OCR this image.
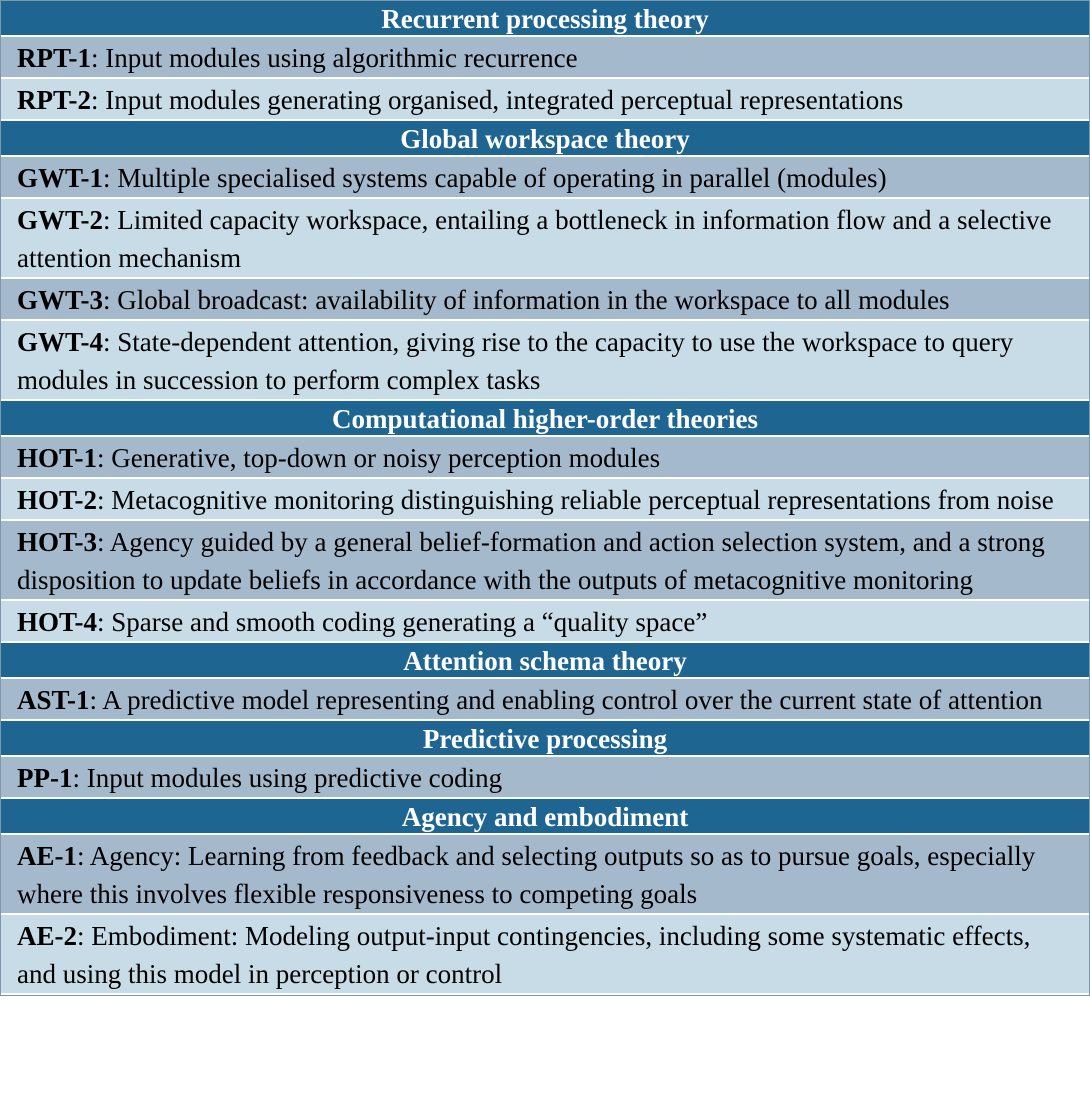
Recurrent processing theory
RPT-1: Input modules using algorithmic recurrence
RPT-2: Input modules generating organised, integrated perceptual representations
Global workspace theory
GWT-1: Multiple specialised systems capable of operating in parallel (modules)
GWT-2: Limited capacity workspace, entailing a bottleneck in information flow and a selective attention mechanism
GWT-3: Global broadcast: availability of information in the workspace to all modules
GWT-4: State-dependent attention, giving rise to the capacity to use the workspace to query modules in succession to perform complex tasks
Computational higher-order theories
HOT-1: Generative, top-down or noisy perception modules
HOT-2: Metacognitive monitoring distinguishing reliable perceptual representations from noise
HOT-3: Agency guided by a general belief-formation and action selection system, and a strong disposition to update beliefs in accordance with the outputs of metacognitive monitoring
HOT-4: Sparse and smooth coding generating a “quality space”
Attention schema theory
AST-1: A predictive model representing and enabling control over the current state of attention
Predictive processing
PP-1: Input modules using predictive coding
Agency and embodiment
AE-1: Agency: Learning from feedback and selecting outputs so as to pursue goals, especially where this involves flexible responsiveness to competing goals
AE-2: Embodiment: Modeling output-input contingencies, including some systematic effects, and using this model in perception or control
